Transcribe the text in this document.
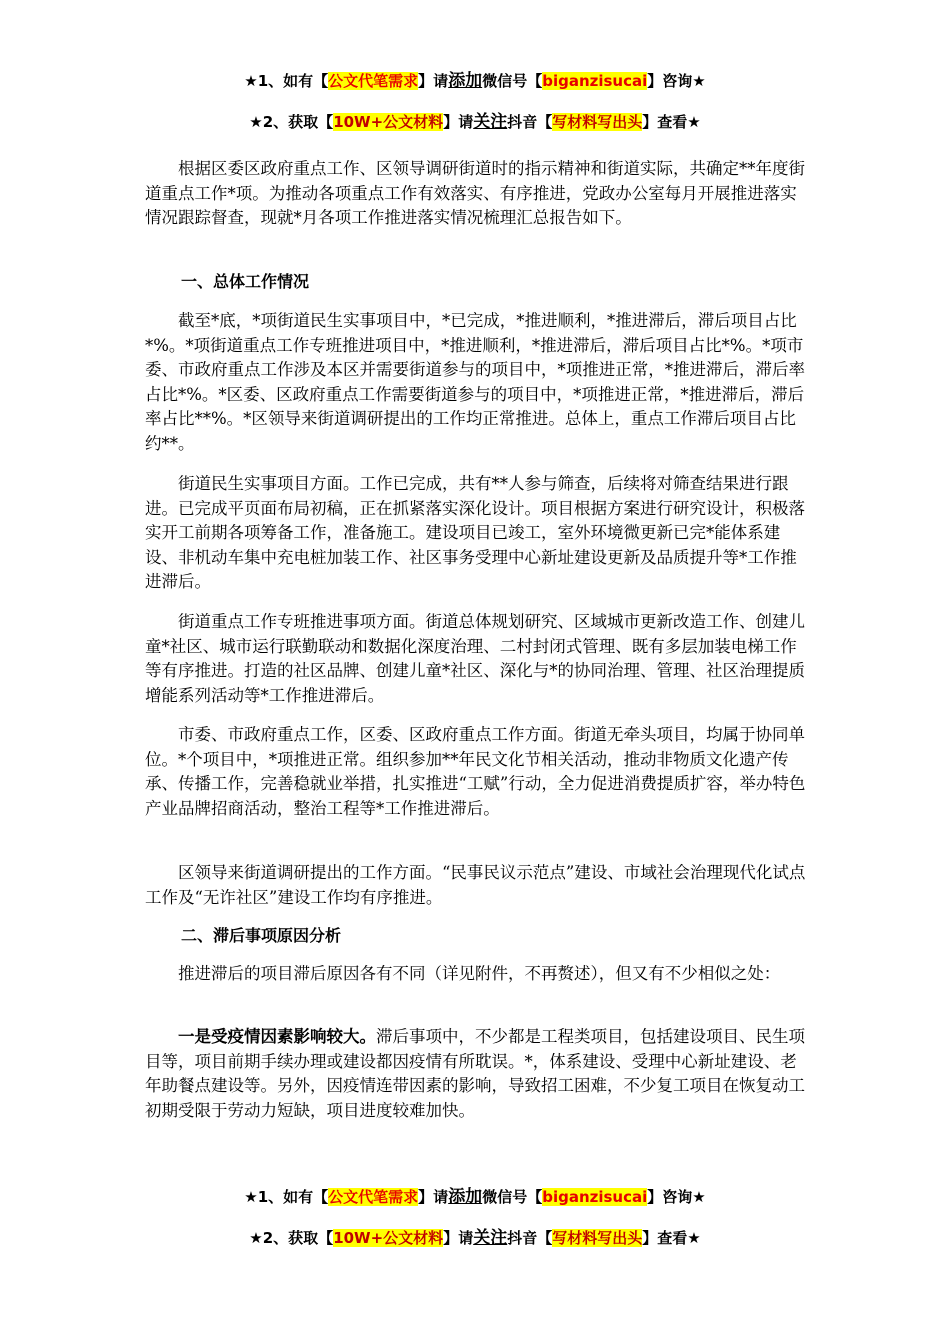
★1、如有【公文代笔需求】请添加微信号【biganzisucai】咨询★
★2、获取【10W+公文材料】请关注抖音【写材料写出头】查看★

根据区委区政府重点工作、区领导调研街道时的指示精神和街道实际，共确定**年度街道重点工作*项。为推动各项重点工作有效落实、有序推进，党政办公室每月开展推进落实情况跟踪督查，现就*月各项工作推进落实情况梳理汇总报告如下。

一、总体工作情况

截至*底，*项街道民生实事项目中，*已完成，*推进顺利，*推进滞后，滞后项目占比*%。*项街道重点工作专班推进项目中，*推进顺利，*推进滞后，滞后项目占比*%。*项市委、市政府重点工作涉及本区并需要街道参与的项目中，*项推进正常，*推进滞后，滞后率占比*%。*区委、区政府重点工作需要街道参与的项目中，*项推进正常，*推进滞后，滞后率占比**%。*区领导来街道调研提出的工作均正常推进。总体上，重点工作滞后项目占比约**。

街道民生实事项目方面。工作已完成，共有**人参与筛查，后续将对筛查结果进行跟进。已完成平页面布局初稿，正在抓紧落实深化设计。项目根据方案进行研究设计，积极落实开工前期各项筹备工作，准备施工。建设项目已竣工，室外环境微更新已完*能体系建设、非机动车集中充电桩加装工作、社区事务受理中心新址建设更新及品质提升等*工作推进滞后。

街道重点工作专班推进事项方面。街道总体规划研究、区域城市更新改造工作、创建儿童*社区、城市运行联勤联动和数据化深度治理、二村封闭式管理、既有多层加装电梯工作等有序推进。打造的社区品牌、创建儿童*社区、深化与*的协同治理、管理、社区治理提质增能系列活动等*工作推进滞后。

市委、市政府重点工作，区委、区政府重点工作方面。街道无牵头项目，均属于协同单位。*个项目中，*项推进正常。组织参加**年民文化节相关活动，推动非物质文化遗产传承、传播工作，完善稳就业举措，扎实推进“工赋”行动，全力促进消费提质扩容，举办特色产业品牌招商活动，整治工程等*工作推进滞后。

区领导来街道调研提出的工作方面。“民事民议示范点”建设、市域社会治理现代化试点工作及“无诈社区”建设工作均有序推进。

二、滞后事项原因分析

推进滞后的项目滞后原因各有不同（详见附件，不再赘述），但又有不少相似之处：

一是受疫情因素影响较大。滞后事项中，不少都是工程类项目，包括建设项目、民生项目等，项目前期手续办理或建设都因疫情有所耽误。*，体系建设、受理中心新址建设、老年助餐点建设等。另外，因疫情连带因素的影响，导致招工困难，不少复工项目在恢复动工初期受限于劳动力短缺，项目进度较难加快。

★1、如有【公文代笔需求】请添加微信号【biganzisucai】咨询★
★2、获取【10W+公文材料】请关注抖音【写材料写出头】查看★
